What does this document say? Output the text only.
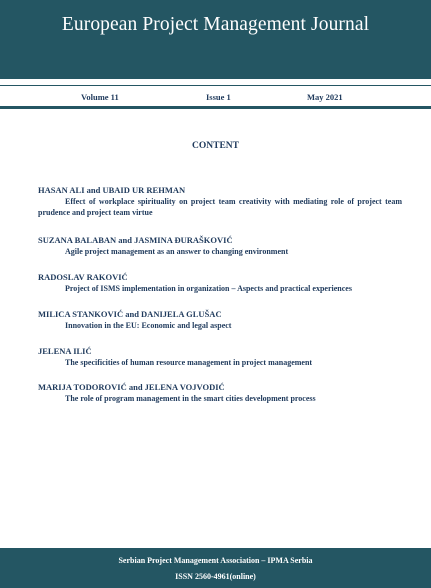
European Project Management Journal
Volume 11	Issue 1	May 2021
CONTENT
HASAN ALI and UBAID UR REHMAN
Effect of workplace spirituality on project team creativity with mediating role of project team prudence and project team virtue
SUZANA BALABAN and JASMINA ĐURAŠKOVIĆ
Agile project management as an answer to changing environment
RADOSLAV RAKOVIĆ
Project of ISMS implementation in organization – Aspects and practical experiences
MILICA STANKOVIĆ and DANIJELA GLUŠAC
Innovation in the EU: Economic and legal aspect
JELENA ILIĆ
The specificities of human resource management in project management
MARIJA TODOROVIĆ and JELENA VOJVODIĆ
The role of program management in the smart cities development process
Serbian Project Management Association – IPMA Serbia
ISSN 2560-4961(online)
